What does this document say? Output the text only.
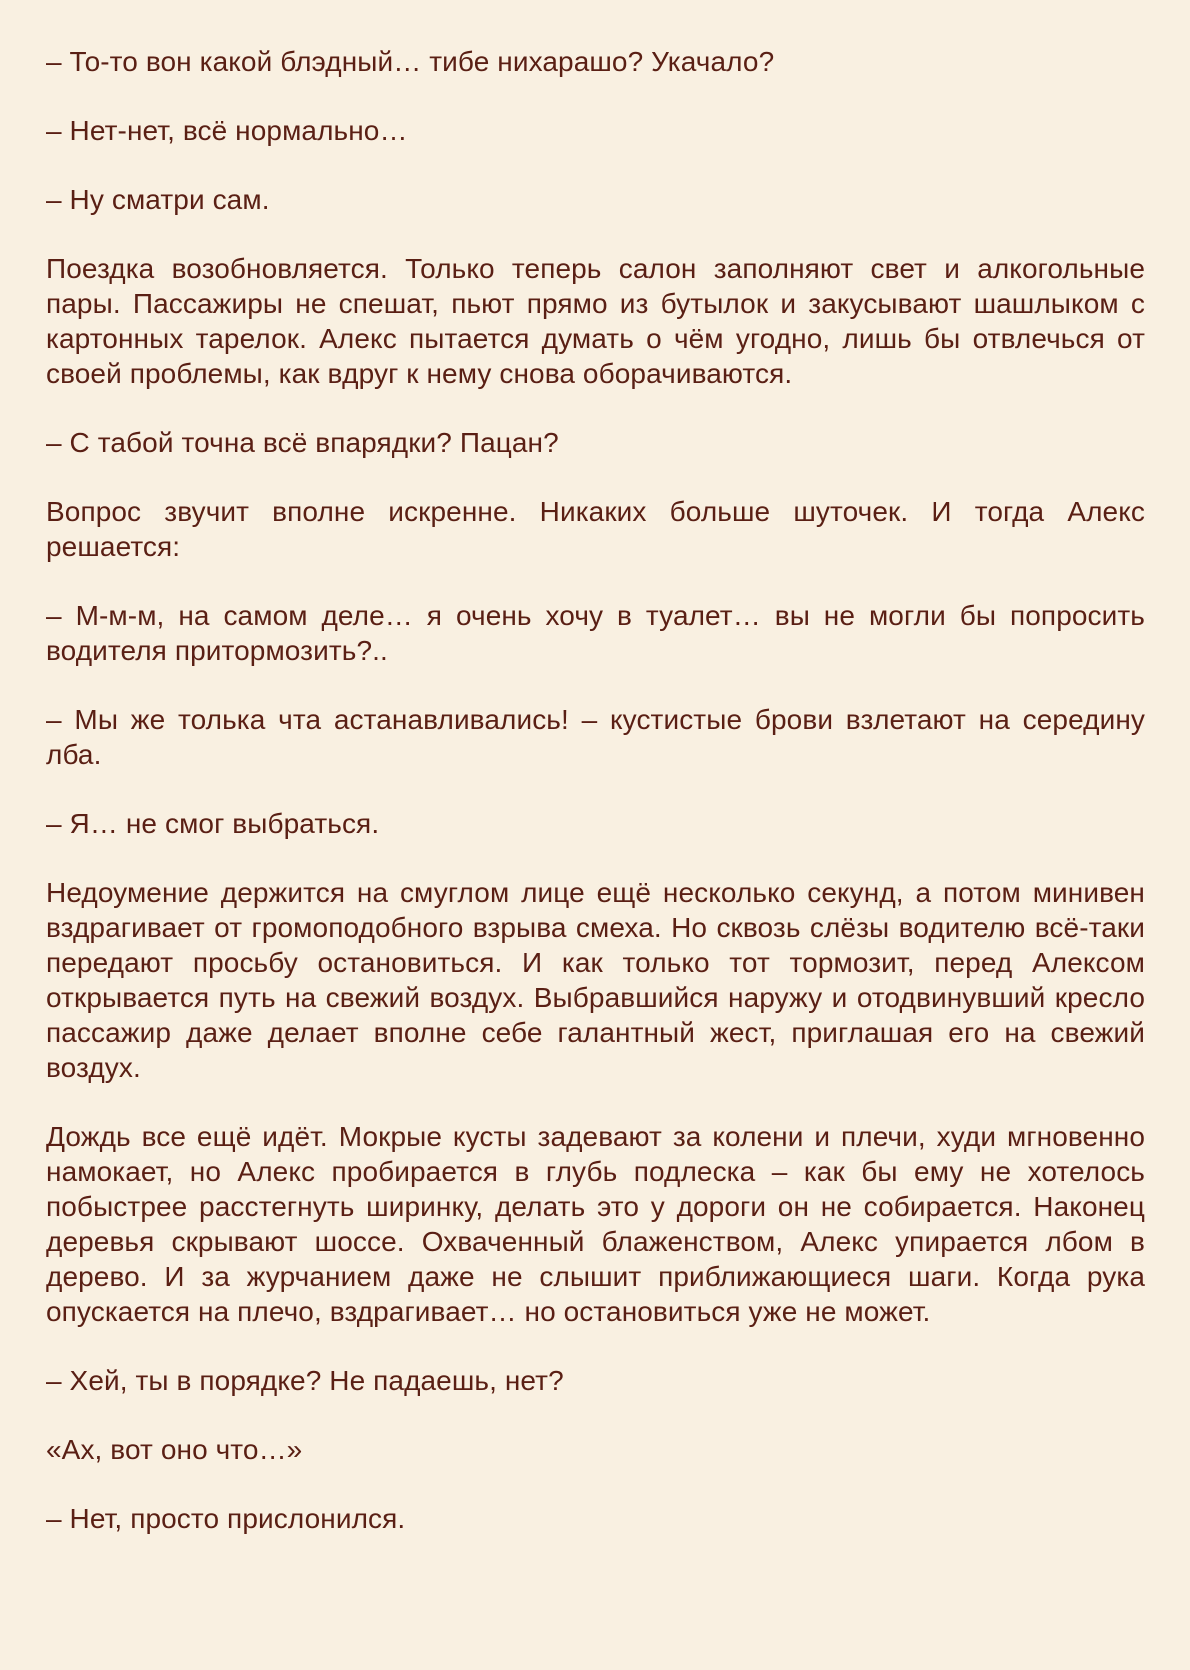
– То-то вон какой блэдный… тибе нихарашо? Укачало?

– Нет-нет, всё нормально…

– Ну сматри сам.

Поездка возобновляется. Только теперь салон заполняют свет и алкогольные пары. Пассажиры не спешат, пьют прямо из бутылок и закусывают шашлыком с картонных тарелок. Алекс пытается думать о чём угодно, лишь бы отвлечься от своей проблемы, как вдруг к нему снова оборачиваются.

– С табой точна всё впарядки? Пацан?

Вопрос звучит вполне искренне. Никаких больше шуточек. И тогда Алекс решается:

– М-м-м, на самом деле… я очень хочу в туалет… вы не могли бы попросить водителя притормозить?..

– Мы же толька чта астанавливались! – кустистые брови взлетают на середину лба.

– Я… не смог выбраться.

Недоумение держится на смуглом лице ещё несколько секунд, а потом минивен вздрагивает от громоподобного взрыва смеха. Но сквозь слёзы водителю всё-таки передают просьбу остановиться. И как только тот тормозит, перед Алексом открывается путь на свежий воздух. Выбравшийся наружу и отодвинувший кресло пассажир даже делает вполне себе галантный жест, приглашая его на свежий воздух.

Дождь все ещё идёт. Мокрые кусты задевают за колени и плечи, худи мгновенно намокает, но Алекс пробирается в глубь подлеска – как бы ему не хотелось побыстрее расстегнуть ширинку, делать это у дороги он не собирается. Наконец деревья скрывают шоссе. Охваченный блаженством, Алекс упирается лбом в дерево. И за журчанием даже не слышит приближающиеся шаги. Когда рука опускается на плечо, вздрагивает… но остановиться уже не может.

– Хей, ты в порядке? Не падаешь, нет?

«Ах, вот оно что…»

– Нет, просто прислонился.
